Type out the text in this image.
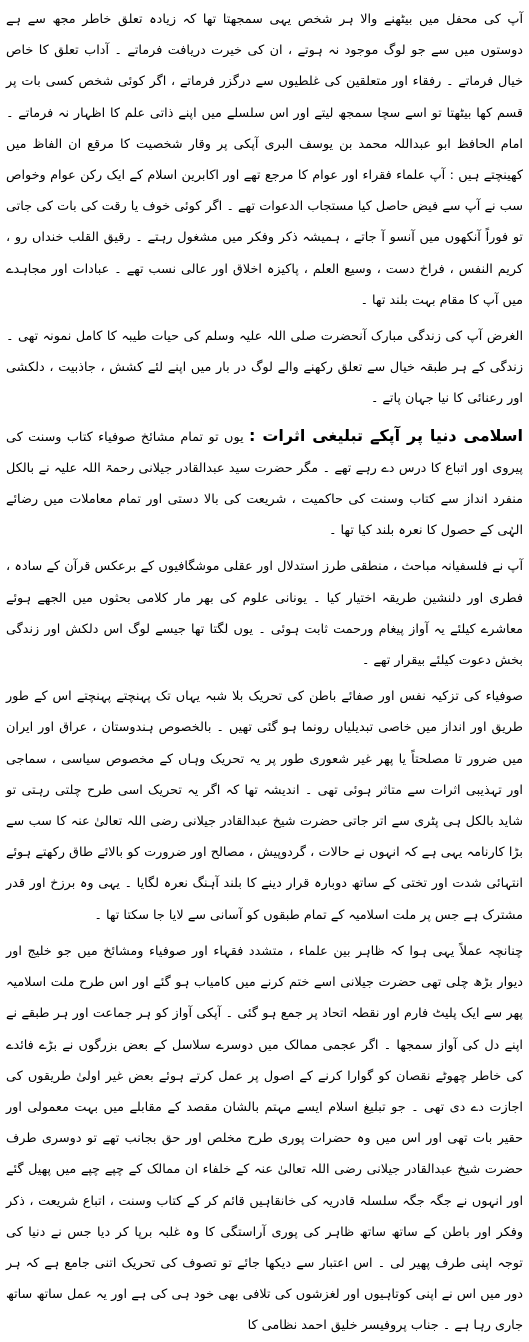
آپ کی محفل میں بیٹھنے والا ہر شخص یہی سمجھتا تھا کہ زیادہ تعلق خاطر مجھ سے ہے دوستوں میں سے جو لوگ موجود نہ ہوتے ، ان کی خیرت دریافت فرماتے ۔ آداب تعلق کا خاص خیال فرماتے ۔ رفقاء اور متعلقین کی غلطیوں سے درگزر فرماتے ، اگر کوئی شخص کسی بات پر قسم کھا بیٹھتا تو اسے سچا سمجھ لیتے اور اس سلسلے میں اپنے ذاتی علم کا اظہار نہ فرماتے ۔ امام الحافظ ابو عبداللہ محمد بن یوسف البری آپکی پر وقار شخصیت کا مرقع ان الفاظ میں کھینچتے ہیں : آپ علماء فقراء اور عوام کا مرجع تھے اور اکابرین اسلام کے ایک رکن عوام وخواص سب نے آپ سے فیض حاصل کیا مستجاب الدعوات تھے ۔ اگر کوئی خوف یا رقت کی بات کی جاتی تو فوراً آنکھوں میں آنسو آ جاتے ، ہمیشہ ذکر وفکر میں مشغول رہتے ۔ رقیق القلب خنداں رو ، کریم النفس ، فراخ دست ، وسیع العلم ، پاکیزہ اخلاق اور عالی نسب تھے ۔ عبادات اور مجاہدے میں آپ کا مقام بہت بلند تھا ۔

الغرض آپ کی زندگی مبارک آنحضرت صلی اللہ علیہ وسلم کی حیات طیبہ کا کامل نمونہ تھی ۔ زندگی کے ہر طبقہ خیال سے تعلق رکھنے والے لوگ در بار میں اپنے لئے کشش ، جاذبیت ، دلکشی اور رعنائی کا نیا جہان پاتے ۔

اسلامی دنیا پر آپکے تبلیغی اثرات : یوں تو تمام مشائخ صوفیاء کتاب وسنت کی پیروی اور اتباع کا درس دے رہے تھے ۔ مگر حضرت سید عبدالقادر جیلانی رحمۃ اللہ علیہ نے بالکل منفرد انداز سے کتاب وسنت کی حاکمیت ، شریعت کی بالا دستی اور تمام معاملات میں رضائے الہٰی کے حصول کا نعرہ بلند کیا تھا ۔

آپ نے فلسفیانہ مباحث ، منطقی طرز استدلال اور عقلی موشگافیوں کے برعکس قرآن کے سادہ ، فطری اور دلنشین طریقہ اختیار کیا ۔ یونانی علوم کی بھر مار کلامی بحثوں میں الجھے ہوئے معاشرے کیلئے یہ آواز پیغام ورحمت ثابت ہوئی ۔ یوں لگتا تھا جیسے لوگ اس دلکش اور زندگی بخش دعوت کیلئے بیقرار تھے ۔

صوفیاء کی تزکیہ نفس اور صفائے باطن کی تحریک بلا شبہ یہاں تک پہنچتے پہنچتے اس کے طور طریق اور انداز میں خاصی تبدیلیاں رونما ہو گئی تھیں ۔ بالخصوص ہندوستان ، عراق اور ایران میں ضرور تا مصلحتاً یا پھر غیر شعوری طور پر یہ تحریک وہاں کے مخصوص سیاسی ، سماجی اور تہذیبی اثرات سے متاثر ہوئی تھی ۔ اندیشہ تھا کہ اگر یہ تحریک اسی طرح چلتی رہتی تو شاید بالکل ہی پٹری سے اتر جاتی حضرت شیخ عبدالقادر جیلانی رضی اللہ تعالیٰ عنہ کا سب سے بڑا کارنامہ یہی ہے کہ انہوں نے حالات ، گردوپیش ، مصالح اور ضرورت کو بالائے طاق رکھتے ہوئے انتہائی شدت اور تختی کے ساتھ دوبارہ قرار دینے کا بلند آہنگ نعرہ لگایا ۔ یہی وہ برزخ اور قدر مشترک ہے جس پر ملت اسلامیہ کے تمام طبقوں کو آسانی سے لایا جا سکتا تھا ۔

چنانچہ عملاً یہی ہوا کہ ظاہر بین علماء ، متشدد فقہاء اور صوفیاء ومشائخ میں جو خلیج اور دیوار بڑھ چلی تھی حضرت جیلانی اسے ختم کرنے میں کامیاب ہو گئے اور اس طرح ملت اسلامیہ پھر سے ایک پلیٹ فارم اور نقطہ اتحاد پر جمع ہو گئی ۔ آپکی آواز کو ہر جماعت اور ہر طبقے نے اپنے دل کی آواز سمجھا ۔ اگر عجمی ممالک میں دوسرے سلاسل کے بعض بزرگوں نے بڑے فائدے کی خاطر چھوٹے نقصان کو گوارا کرنے کے اصول پر عمل کرتے ہوئے بعض غیر اولیٰ طریقوں کی اجازت دے دی تھی ۔ جو تبلیغ اسلام ایسے مہتم بالشان مقصد کے مقابلے میں بہت معمولی اور حقیر بات تھی اور اس میں وہ حضرات پوری طرح مخلص اور حق بجانب تھے تو دوسری طرف حضرت شیخ عبدالقادر جیلانی رضی اللہ تعالیٰ عنہ کے خلفاء ان ممالک کے چپے چپے میں پھیل گئے اور انہوں نے جگہ جگہ سلسلہ قادریہ کی خانقاہیں قائم کر کے کتاب وسنت ، اتباع شریعت ، ذکر وفکر اور باطن کے ساتھ ساتھ ظاہر کی پوری آراستگی کا وہ غلبہ برپا کر دیا جس نے دنیا کی توجہ اپنی طرف پھیر لی ۔ اس اعتبار سے دیکھا جائے تو تصوف کی تحریک اتنی جامع ہے کہ ہر دور میں اس نے اپنی کوتاہیوں اور لغزشوں کی تلافی بھی خود ہی کی ہے اور یہ عمل ساتھ ساتھ جاری رہا ہے ۔ جناب پروفیسر خلیق احمد نظامی کا
